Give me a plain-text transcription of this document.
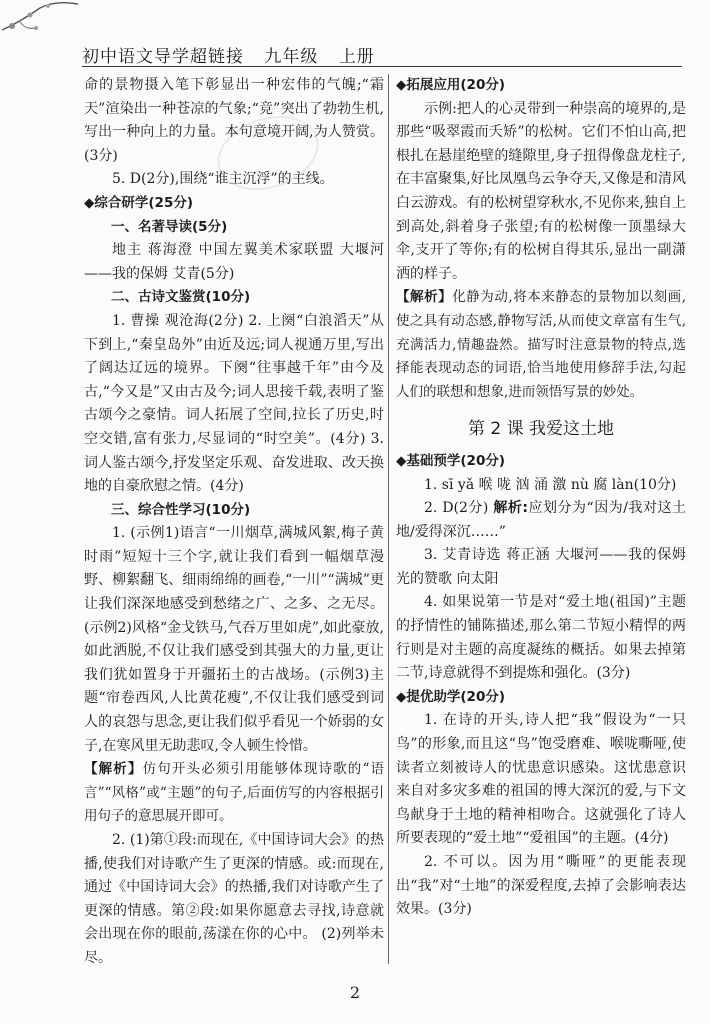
初中语文导学超链接 九年级 上册

命的景物摄入笔下彰显出一种宏伟的气魄;“霜天”渲染出一种苍凉的气象;“竞”突出了勃勃生机,写出一种向上的力量。本句意境开阔,为人赞赏。(3分)

5. D(2分),围绕“谁主沉浮”的主线。

◆综合研学(25分)

一、名著导读(5分)

地主 蒋海澄 中国左翼美术家联盟 大堰河——我的保姆 艾青(5分)

二、古诗文鉴赏(10分)

1. 曹操 观沧海(2分) 2. 上阕“白浪滔天”从下到上,“秦皇岛外”由近及远;词人视通万里,写出了阔达辽远的境界。下阕“往事越千年”由今及古,“今又是”又由古及今;词人思接千载,表明了鉴古颂今之豪情。词人拓展了空间,拉长了历史,时空交错,富有张力,尽显词的“时空美”。(4分) 3. 词人鉴古颂今,抒发坚定乐观、奋发进取、改天换地的自豪欣慰之情。(4分)

三、综合性学习(10分)

1. (示例1)语言“一川烟草,满城风絮,梅子黄时雨”短短十三个字,就让我们看到一幅烟草漫野、柳絮翻飞、细雨绵绵的画卷,“一川”“满城”更让我们深深地感受到愁绪之广、之多、之无尽。(示例2)风格“金戈铁马,气吞万里如虎”,如此豪放,如此洒脱,不仅让我们感受到其强大的力量,更让我们犹如置身于开疆拓土的古战场。(示例3)主题“帘卷西风,人比黄花瘦”,不仅让我们感受到词人的哀怨与思念,更让我们似乎看见一个娇弱的女子,在寒风里无助悲叹,令人顿生怜惜。

【解析】仿句开头必须引用能够体现诗歌的“语言”“风格”或“主题”的句子,后面仿写的内容根据引用句子的意思展开即可。

2. (1)第①段:而现在,《中国诗词大会》的热播,使我们对诗歌产生了更深的情感。或:而现在,通过《中国诗词大会》的热播,我们对诗歌产生了更深的情感。第②段:如果你愿意去寻找,诗意就会出现在你的眼前,荡漾在你的心中。 (2)列举未尽。

◆拓展应用(20分)

示例:把人的心灵带到一种崇高的境界的,是那些“吸翠霞而夭矫”的松树。它们不怕山高,把根扎在悬崖绝壁的缝隙里,身子扭得像盘龙柱子,在丰富聚集,好比凤凰鸟云争夺天,又像是和清风白云游戏。有的松树望穿秋水,不见你来,独自上到高处,斜着身子张望;有的松树像一顶墨绿大伞,支开了等你;有的松树自得其乐,显出一副潇洒的样子。

【解析】化静为动,将本来静态的景物加以刻画,使之具有动态感,静物写活,从而使文章富有生气,充满活力,情趣盎然。描写时注意景物的特点,选择能表现动态的词语,恰当地使用修辞手法,勾起人们的联想和想象,进而领悟写景的妙处。

第 2 课 我爱这土地

◆基础预学(20分)

1. sī yǎ 喉 咙 汹 涌 激 nù 腐 làn(10分)

2. D(2分) 解析:应划分为“因为/我对这土地/爱得深沉……”

3. 艾青诗选 蒋正涵 大堰河——我的保姆 光的赞歌 向太阳

4. 如果说第一节是对“爱土地(祖国)”主题的抒情性的铺陈描述,那么第二节短小精悍的两行则是对主题的高度凝练的概括。如果去掉第二节,诗意就得不到提炼和强化。(3分)

◆提优助学(20分)

1. 在诗的开头,诗人把“我”假设为“一只鸟”的形象,而且这“鸟”饱受磨难、喉咙嘶哑,使读者立刻被诗人的忧患意识感染。这忧患意识来自对多灾多难的祖国的博大深沉的爱,与下文鸟献身于土地的精神相吻合。这就强化了诗人所要表现的“爱土地”“爱祖国”的主题。(4分)

2. 不可以。因为用“嘶哑”的更能表现出“我”对“土地”的深爱程度,去掉了会影响表达效果。(3分)

2
